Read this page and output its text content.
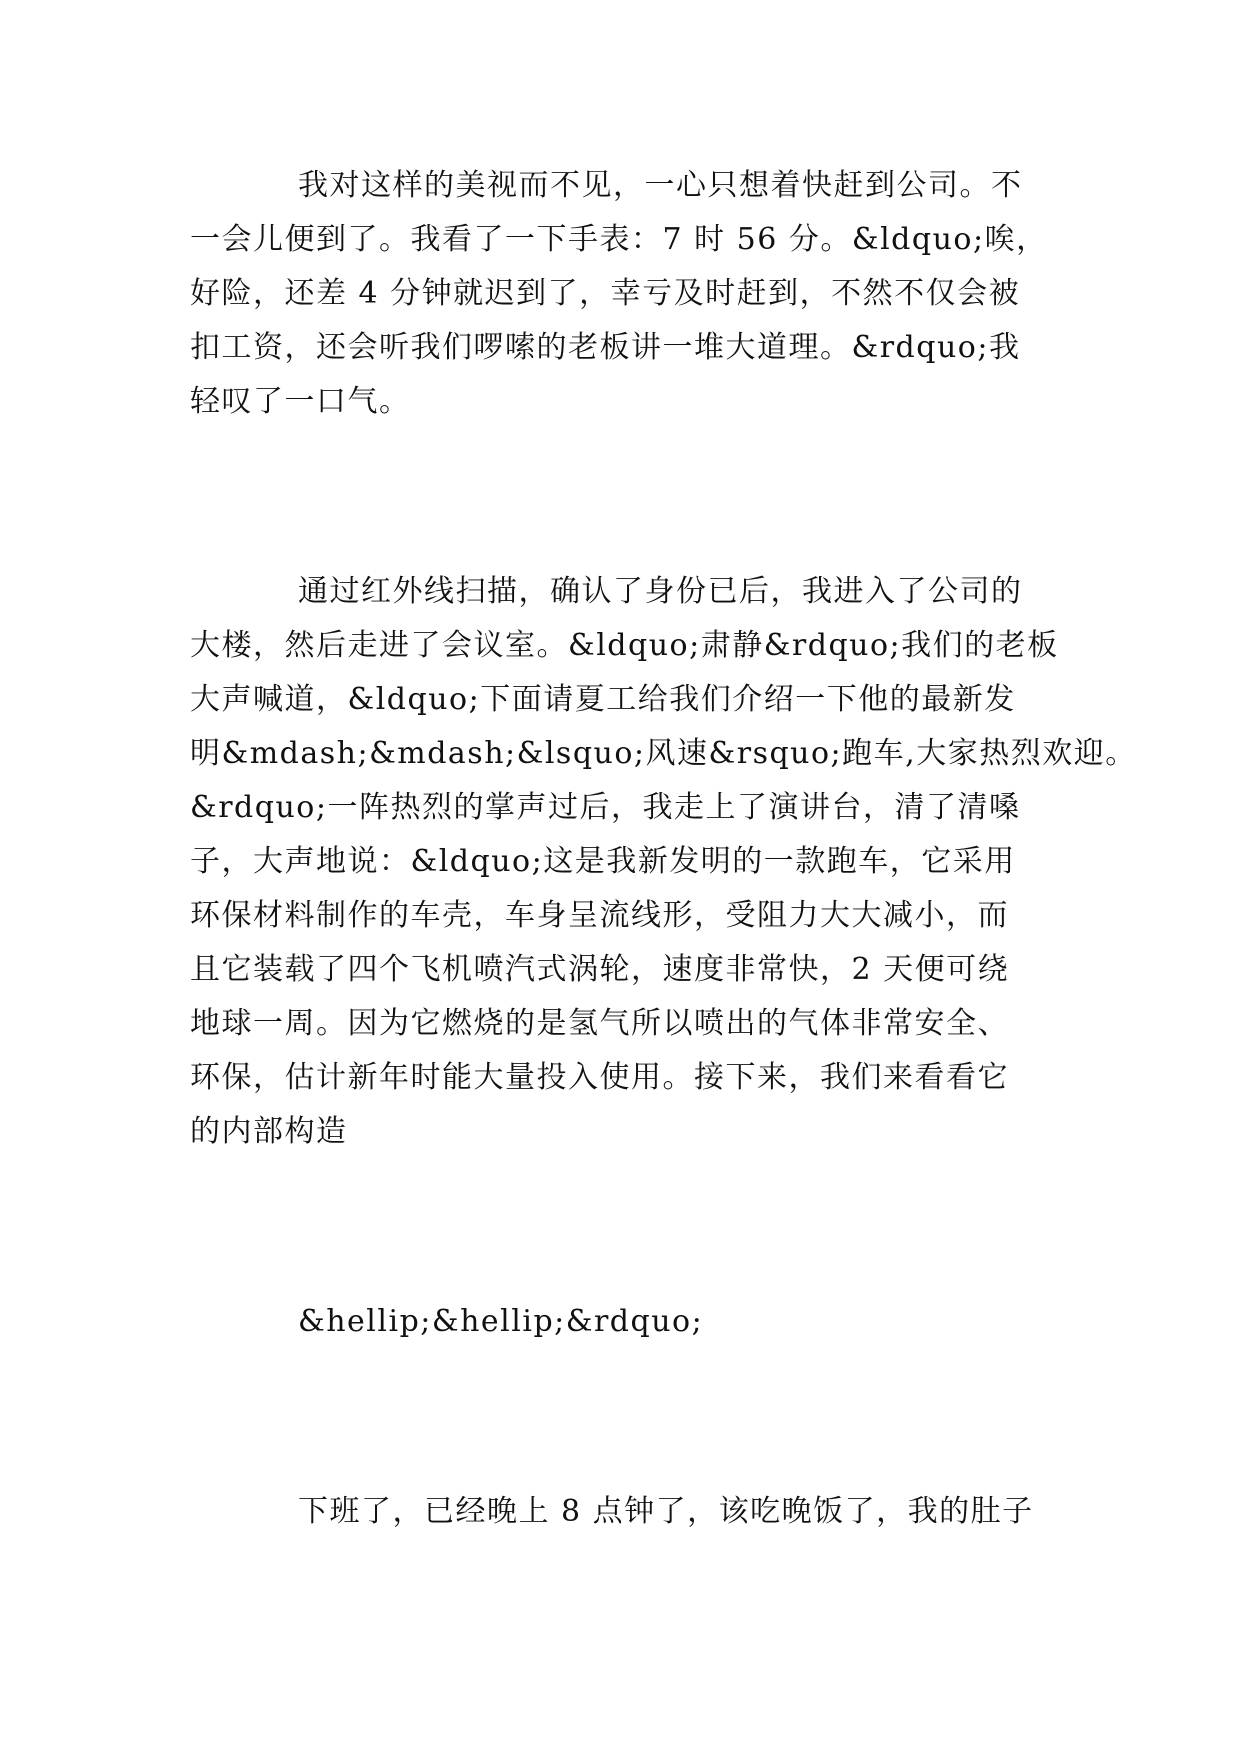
我对这样的美视而不见，一心只想着快赶到公司。不

一会儿便到了。我看了一下手表：7 时 56 分。&ldquo;唉，

好险，还差 4 分钟就迟到了，幸亏及时赶到，不然不仅会被

扣工资，还会听我们啰嗦的老板讲一堆大道理。&rdquo;我

轻叹了一口气。

通过红外线扫描，确认了身份已后，我进入了公司的

大楼，然后走进了会议室。&ldquo;肃静&rdquo;我们的老板

大声喊道，&ldquo;下面请夏工给我们介绍一下他的最新发

明&mdash;&mdash;&lsquo;风速&rsquo;跑车,大家热烈欢迎。

&rdquo;一阵热烈的掌声过后，我走上了演讲台，清了清嗓

子，大声地说：&ldquo;这是我新发明的一款跑车，它采用

环保材料制作的车壳，车身呈流线形，受阻力大大减小，而

且它装载了四个飞机喷汽式涡轮，速度非常快，2 天便可绕

地球一周。因为它燃烧的是氢气所以喷出的气体非常安全、

环保，估计新年时能大量投入使用。接下来，我们来看看它

的内部构造

&hellip;&hellip;&rdquo;

下班了，已经晚上 8 点钟了，该吃晚饭了，我的肚子
